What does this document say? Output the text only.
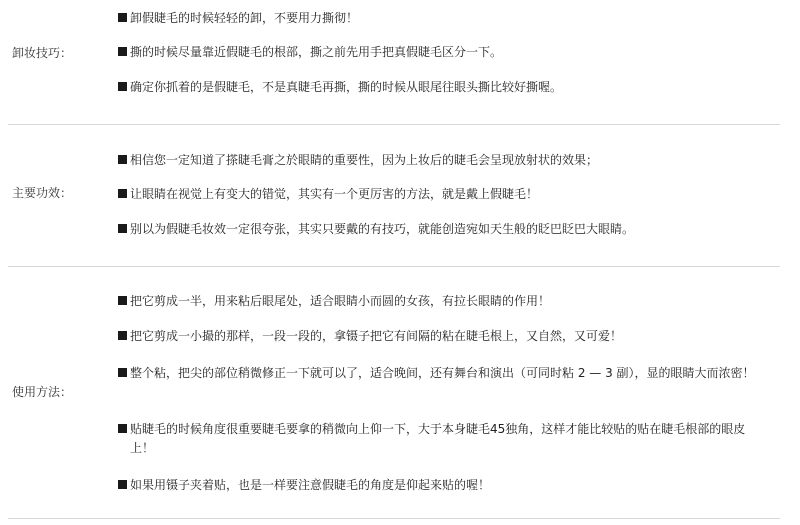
卸妆技巧：
卸假睫毛的时候轻轻的卸，不要用力撕彻！
撕的时候尽量靠近假睫毛的根部，撕之前先用手把真假睫毛区分一下。
确定你抓着的是假睫毛，不是真睫毛再撕，撕的时候从眼尾往眼头撕比较好撕喔。
主要功效：
相信您一定知道了搽睫毛膏之於眼睛的重要性，因为上妆后的睫毛会呈现放射状的效果；
让眼睛在视觉上有变大的错觉，其实有一个更厉害的方法，就是戴上假睫毛！
别以为假睫毛妆效一定很夸张，其实只要戴的有技巧，就能创造宛如天生般的眨巴眨巴大眼睛。
使用方法：
把它剪成一半，用来粘后眼尾处，适合眼睛小而圆的女孩，有拉长眼睛的作用！
把它剪成一小撮的那样，一段一段的，拿镊子把它有间隔的粘在睫毛根上，又自然，又可爱！
整个粘，把尖的部位稍微修正一下就可以了，适合晚间，还有舞台和演出（可同时粘 2 — 3 副），显的眼睛大而浓密！
贴睫毛的时候角度很重要睫毛要拿的稍微向上仰一下，大于本身睫毛45独角，这样才能比较贴的贴在睫毛根部的眼皮上！
如果用镊子夹着贴，也是一样要注意假睫毛的角度是仰起来贴的喔！
